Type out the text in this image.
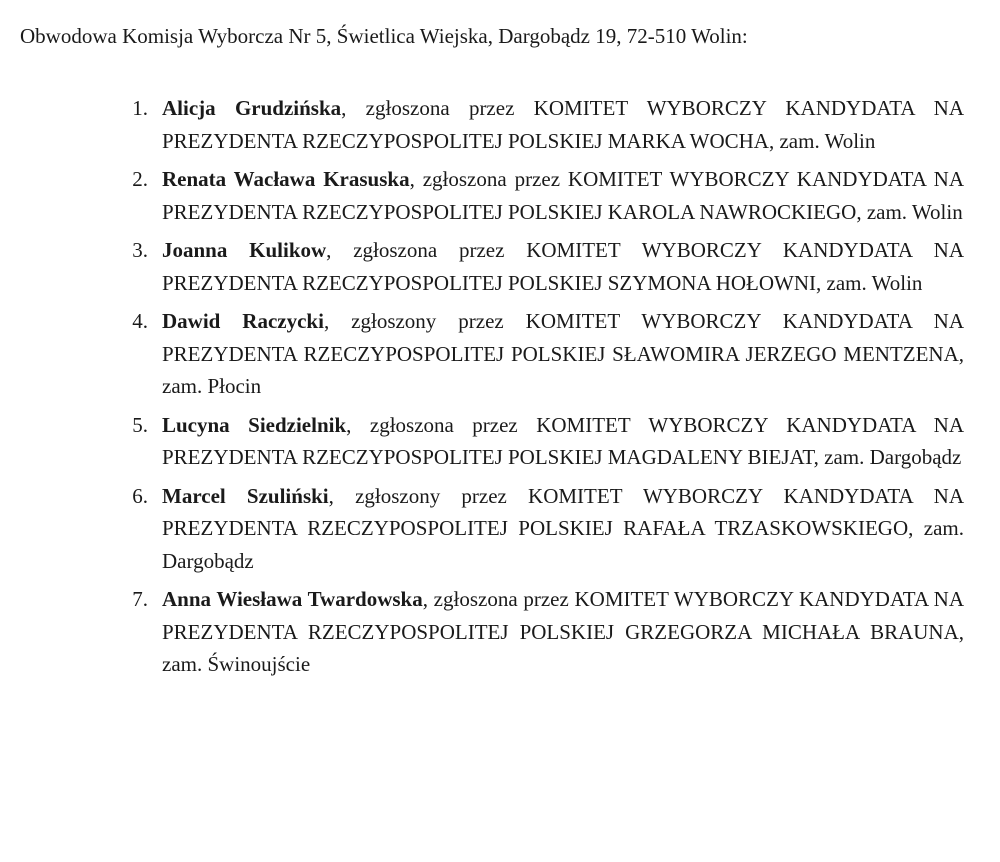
Obwodowa Komisja Wyborcza Nr 5, Świetlica Wiejska, Dargobądz 19, 72-510 Wolin:
1. Alicja Grudzińska, zgłoszona przez KOMITET WYBORCZY KANDYDATA NA PREZYDENTA RZECZYPOSPOLITEJ POLSKIEJ MARKA WOCHA, zam. Wolin
2. Renata Wacława Krasuska, zgłoszona przez KOMITET WYBORCZY KANDYDATA NA PREZYDENTA RZECZYPOSPOLITEJ POLSKIEJ KAROLA NAWROCKIEGO, zam. Wolin
3. Joanna Kulikow, zgłoszona przez KOMITET WYBORCZY KANDYDATA NA PREZYDENTA RZECZYPOSPOLITEJ POLSKIEJ SZYMONA HOŁOWNI, zam. Wolin
4. Dawid Raczycki, zgłoszony przez KOMITET WYBORCZY KANDYDATA NA PREZYDENTA RZECZYPOSPOLITEJ POLSKIEJ SŁAWOMIRA JERZEGO MENTZENA, zam. Płocin
5. Lucyna Siedzielnik, zgłoszona przez KOMITET WYBORCZY KANDYDATA NA PREZYDENTA RZECZYPOSPOLITEJ POLSKIEJ MAGDALENY BIEJAT, zam. Dargobądz
6. Marcel Szuliński, zgłoszony przez KOMITET WYBORCZY KANDYDATA NA PREZYDENTA RZECZYPOSPOLITEJ POLSKIEJ RAFAŁA TRZASKOWSKIEGO, zam. Dargobądz
7. Anna Wiesława Twardowska, zgłoszona przez KOMITET WYBORCZY KANDYDATA NA PREZYDENTA RZECZYPOSPOLITEJ POLSKIEJ GRZEGORZA MICHAŁA BRAUNA, zam. Świnoujście
